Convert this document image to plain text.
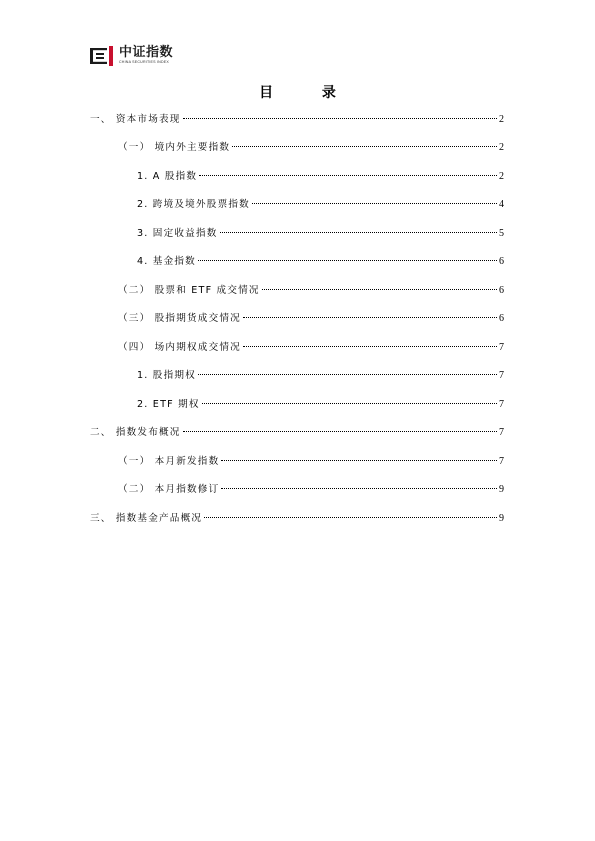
中证指数
CHINA SECURITIES INDEX
目 录
一、 资本市场表现	2
（一） 境内外主要指数	2
1. A 股指数	2
2. 跨境及境外股票指数	4
3. 固定收益指数	5
4. 基金指数	6
（二） 股票和 ETF 成交情况	6
（三） 股指期货成交情况	6
（四） 场内期权成交情况	7
1. 股指期权	7
2. ETF 期权	7
二、 指数发布概况	7
（一） 本月新发指数	7
（二） 本月指数修订	9
三、 指数基金产品概况	9
